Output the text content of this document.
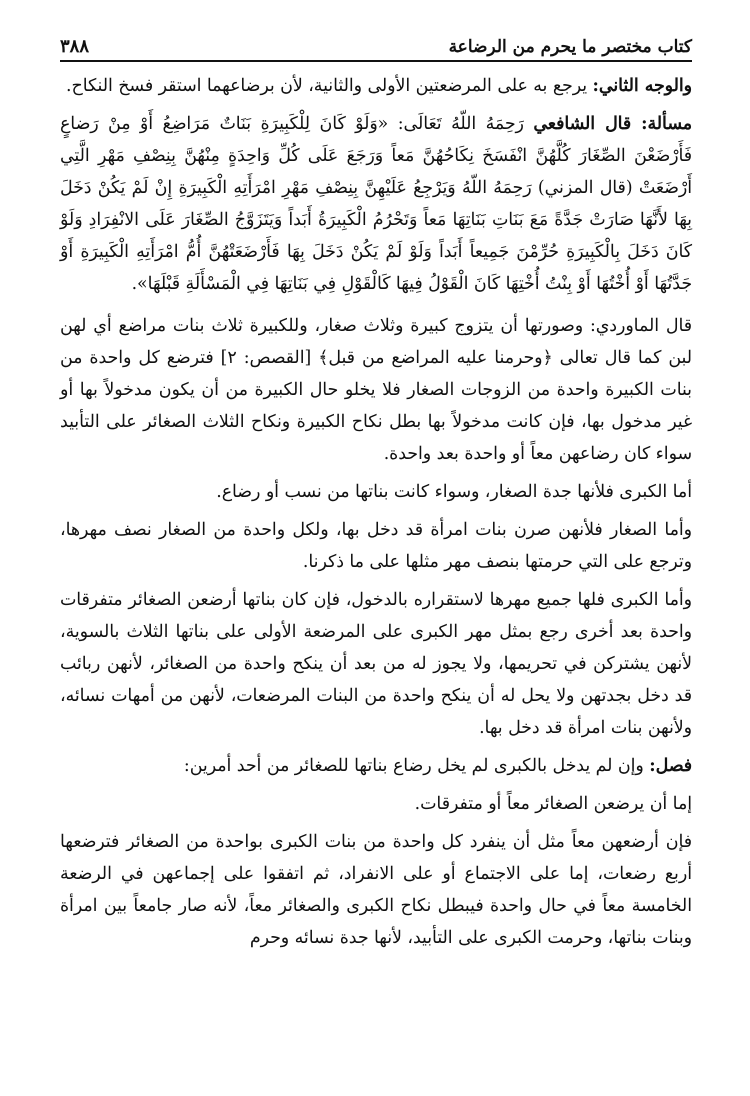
٣٨٨	كتاب مختصر ما يحرم من الرضاعة

والوجه الثاني: يرجع به على المرضعتين الأولى والثانية، لأن برضاعهما استقر فسخ النكاح.

مسألة: قال الشافعي رَحِمَهُ اللّهُ تَعَالَى: «وَلَوْ كَانَ لِلْكَبِيرَةِ بَنَاتٌ مَرَاضِعُ أَوْ مِنْ رَضاعٍ فَأَرْضَعْنَ الصِّغَارَ كُلَّهُنَّ انْفَسَخَ نِكَاحُهُنَّ مَعاً وَرَجَعَ عَلَى كُلِّ وَاحِدَةٍ مِنْهُنَّ بِنِصْفِ مَهْرِ الَّتِي أَرْضَعَتْ (قال المزني) رَحِمَهُ اللّهُ وَيَرْجِعُ عَلَيْهِنَّ بِنِصْفِ مَهْرِ امْرَأَتِهِ الْكَبِيرَةِ إِنْ لَمْ يَكُنْ دَخَلَ بِهَا لأَنَّهَا صَارَتْ جَدَّةً مَعَ بَنَاتِ بَنَاتِهَا مَعاً وَتَحْرُمُ الْكَبِيرَةُ أَبَداً وَيَتَزَوَّجُ الصِّغَارَ عَلَى الانْفِرَادِ وَلَوْ كَانَ دَخَلَ بِالْكَبِيرَةِ حُرِّمْنَ جَمِيعاً أَبَداً وَلَوْ لَمْ يَكُنْ دَخَلَ بِهَا فَأَرْضَعَتْهُنَّ أُمُّ امْرَأَتِهِ الْكَبِيرَةِ أَوْ جَدَّتُهَا أَوْ أُخْتُهَا أَوْ بِنْتُ أُخْتِهَا كَانَ الْقَوْلُ فِيهَا كَالْقَوْلِ فِي بَنَاتِهَا فِي الْمَسْأَلَةِ قَبْلَهَا».

قال الماوردي: وصورتها أن يتزوج كبيرة وثلاث صغار، وللكبيرة ثلاث بنات مراضع أي لهن لبن كما قال تعالى ﴿وحرمنا عليه المراضع من قبل﴾ [القصص: ٢] فترضع كل واحدة من بنات الكبيرة واحدة من الزوجات الصغار فلا يخلو حال الكبيرة من أن يكون مدخولاً بها أو غير مدخول بها، فإن كانت مدخولاً بها بطل نكاح الكبيرة ونكاح الثلاث الصغائر على التأبيد سواء كان رضاعهن معاً أو واحدة بعد واحدة.

أما الكبرى فلأنها جدة الصغار، وسواء كانت بناتها من نسب أو رضاع.

وأما الصغار فلأنهن صرن بنات امرأة قد دخل بها، ولكل واحدة من الصغار نصف مهرها، وترجع على التي حرمتها بنصف مهر مثلها على ما ذكرنا.

وأما الكبرى فلها جميع مهرها لاستقراره بالدخول، فإن كان بناتها أرضعن الصغائر متفرقات واحدة بعد أخرى رجع بمثل مهر الكبرى على المرضعة الأولى على بناتها الثلاث بالسوية، لأنهن يشتركن في تحريمها، ولا يجوز له من بعد أن ينكح واحدة من الصغائر، لأنهن ربائب قد دخل بجدتهن ولا يحل له أن ينكح واحدة من البنات المرضعات، لأنهن من أمهات نسائه، ولأنهن بنات امرأة قد دخل بها.

فصل: وإن لم يدخل بالكبرى لم يخل رضاع بناتها للصغائر من أحد أمرين:

إما أن يرضعن الصغائر معاً أو متفرقات.

فإن أرضعهن معاً مثل أن ينفرد كل واحدة من بنات الكبرى بواحدة من الصغائر فترضعها أربع رضعات، إما على الاجتماع أو على الانفراد، ثم اتفقوا على إجماعهن في الرضعة الخامسة معاً في حال واحدة فيبطل نكاح الكبرى والصغائر معاً، لأنه صار جامعاً بين امرأة وبنات بناتها، وحرمت الكبرى على التأبيد، لأنها جدة نسائه وحرم
